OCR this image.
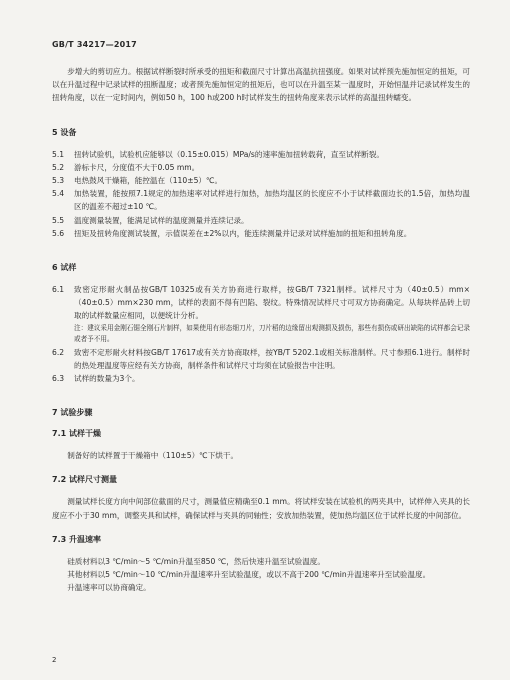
GB/T 34217—2017

步增大的剪切应力。根据试样断裂时所承受的扭矩和截面尺寸计算出高温抗扭强度。如果对试样预先施加恒定的扭矩，可以在升温过程中记录试样的扭断温度；或者预先施加恒定的扭矩后，也可以在升温至某一温度时，开始恒温并记录试样发生的扭转角度，以在一定时间内，例如50 h，100 h或200 h时试样发生的扭转角度来表示试样的高温扭转蠕变。

5 设备
5.1	扭转试验机，试验机应能够以（0.15±0.015）MPa/s的速率施加扭转载荷，直至试样断裂。
5.2	游标卡尺，分度值不大于0.05 mm。
5.3	电热鼓风干燥箱，能控温在（110±5）℃。
5.4	加热装置，能按照7.1规定的加热速率对试样进行加热，加热均温区的长度应不小于试样截面边长的1.5倍，加热均温区的温差不超过±10 ℃。
5.5	温度测量装置，能满足试样的温度测量并连续记录。
5.6	扭矩及扭转角度测试装置，示值误差在±2%以内，能连续测量并记录对试样施加的扭矩和扭转角度。
6 试样
6.1	致密定形耐火制品按GB/T 10325或有关方协商进行取样，按GB/T 7321制样。试样尺寸为（40±0.5）mm×（40±0.5）mm×230 mm，试样的表面不得有凹陷、裂纹。特殊情况试样尺寸可双方协商确定。从每块样品砖上切取的试样数量应相同，以便统计分析。

注：建议采用金刚石锯全刚石片制样，如果使用有形态细刀片，刀片稻的边缘留出观测损及损伤，那些有损伤或研出缺陷的试样都会记录或者予不用。

6.2	致密不定形耐火材料按GB/T 17617或有关方协商取样，按YB/T 5202.1或相关标准制样。尺寸参照6.1进行。制样时的热处理温度等应经有关方协商，制样条件和试样尺寸均须在试验报告中注明。
6.3	试样的数量为3个。
7 试验步骤
7.1 试样干燥

制备好的试样置于干燥箱中（110±5）℃下烘干。

7.2 试样尺寸测量

测量试样长度方向中间部位截面的尺寸，测量值应精确至0.1 mm。将试样安装在试验机的两夹具中，试样伸入夹具的长度应不小于30 mm，调整夹具和试样，确保试样与夹具的同轴性；安放加热装置，使加热均温区位于试样长度的中间部位。

7.3 升温速率

硅质材料以3 ℃/min～5 ℃/min升温至850 ℃，然后快速升温至试验温度。

其他材料以5 ℃/min～10 ℃/min升温速率升至试验温度，或以不高于200 ℃/min升温速率升至试验温度。

升温速率可以协商确定。

2
